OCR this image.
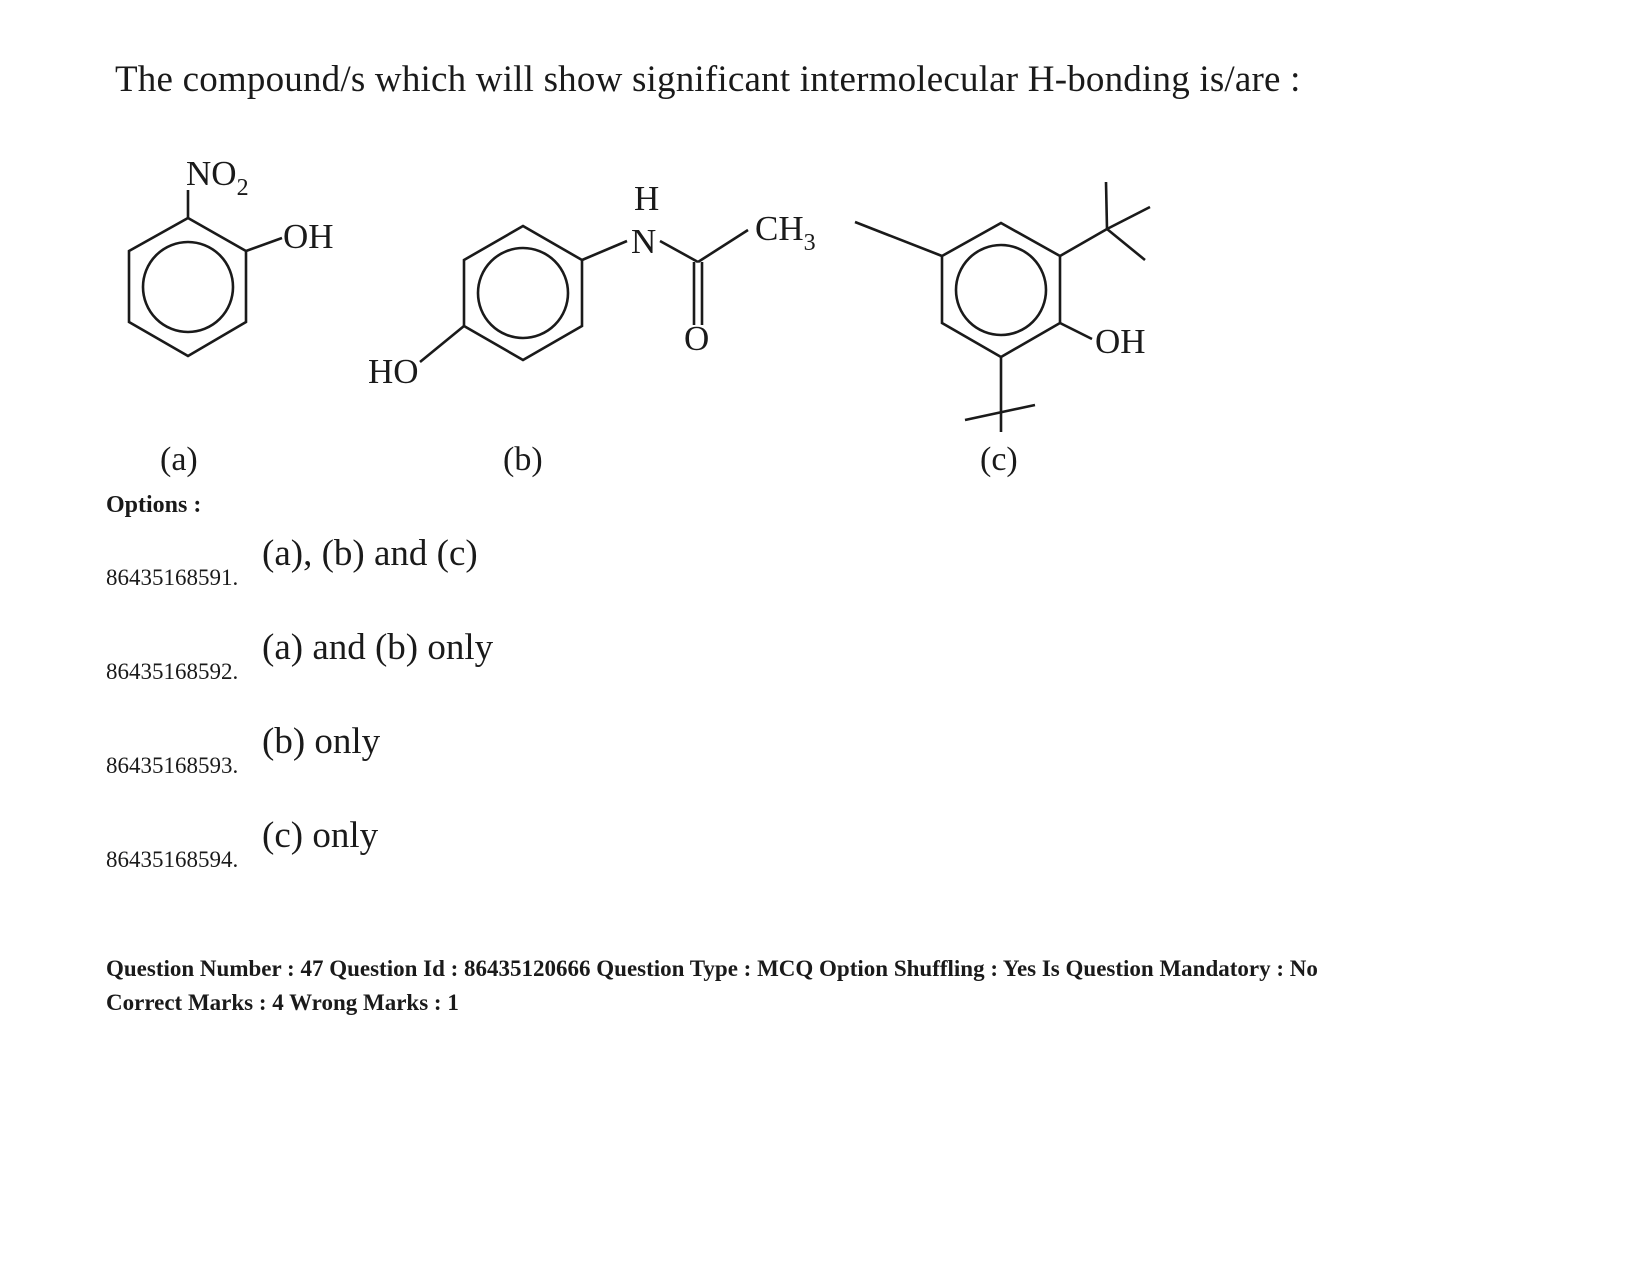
The compound/s which will show significant intermolecular H-bonding is/are :
$NO_2$
OH
(a)
HO
H
N	$CH_3$
O
(b)
OH
(c)
Options :
86435168591.
(a), (b) and (c)
86435168592.
(a) and (b) only
86435168593.
(b) only
86435168594.
(c) only
Question Number : 47 Question Id : 86435120666 Question Type : MCQ Option Shuffling : Yes Is Question Mandatory : No
Correct Marks : 4 Wrong Marks : 1
